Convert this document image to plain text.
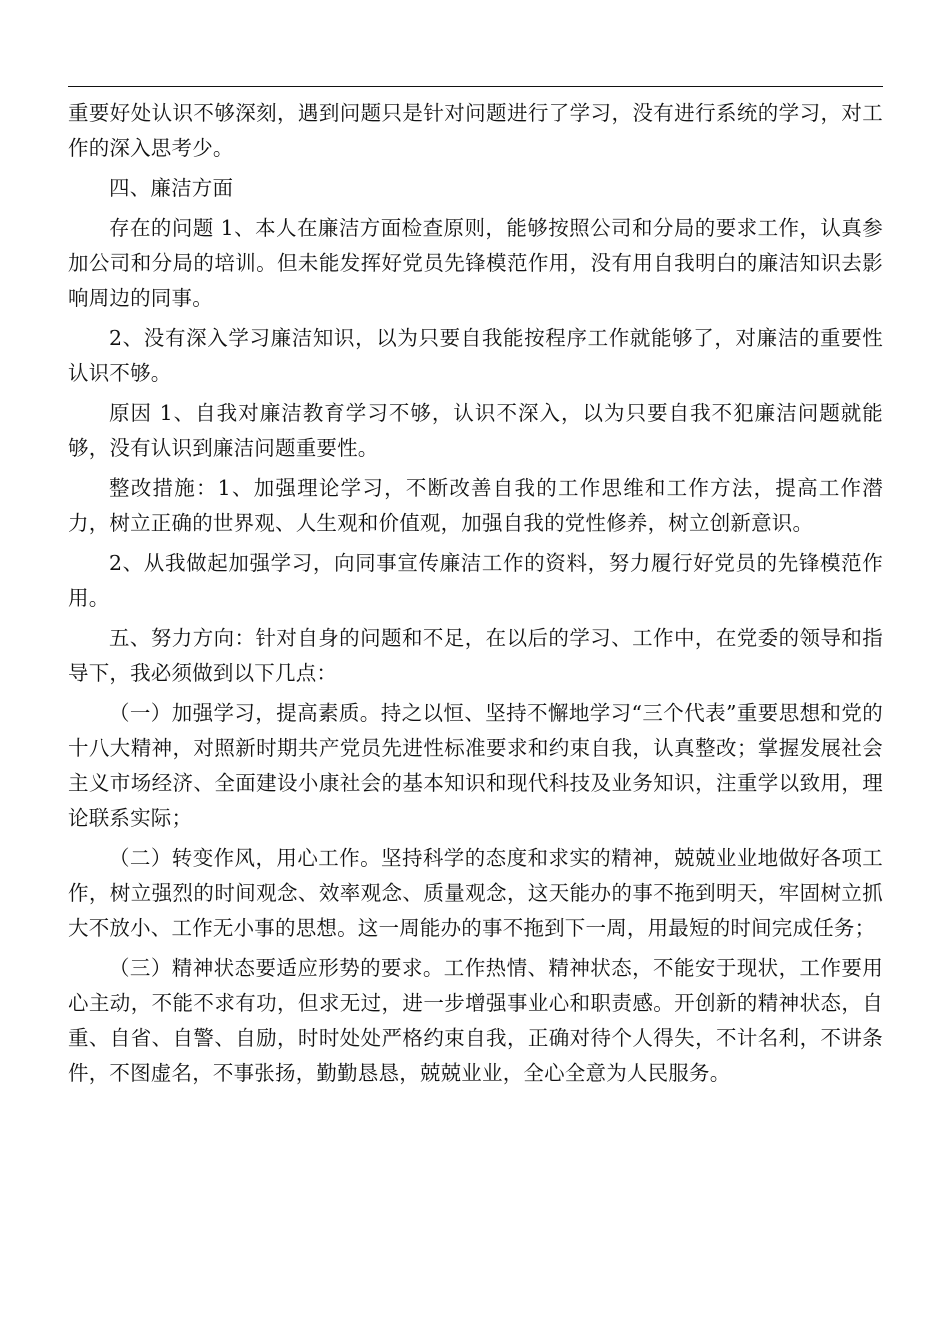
重要好处认识不够深刻，遇到问题只是针对问题进行了学习，没有进行系统的学习，对工作的深入思考少。

四、廉洁方面

存在的问题 1、本人在廉洁方面检查原则，能够按照公司和分局的要求工作，认真参加公司和分局的培训。但未能发挥好党员先锋模范作用，没有用自我明白的廉洁知识去影响周边的同事。

2、没有深入学习廉洁知识，以为只要自我能按程序工作就能够了，对廉洁的重要性认识不够。

原因 1、自我对廉洁教育学习不够，认识不深入，以为只要自我不犯廉洁问题就能够，没有认识到廉洁问题重要性。

整改措施：1、加强理论学习，不断改善自我的工作思维和工作方法，提高工作潜力，树立正确的世界观、人生观和价值观，加强自我的党性修养，树立创新意识。

2、从我做起加强学习，向同事宣传廉洁工作的资料，努力履行好党员的先锋模范作用。

五、努力方向：针对自身的问题和不足，在以后的学习、工作中，在党委的领导和指导下，我必须做到以下几点：

（一）加强学习，提高素质。持之以恒、坚持不懈地学习“三个代表”重要思想和党的十八大精神，对照新时期共产党员先进性标准要求和约束自我，认真整改；掌握发展社会主义市场经济、全面建设小康社会的基本知识和现代科技及业务知识，注重学以致用，理论联系实际；

（二）转变作风，用心工作。坚持科学的态度和求实的精神，兢兢业业地做好各项工作，树立强烈的时间观念、效率观念、质量观念，这天能办的事不拖到明天，牢固树立抓大不放小、工作无小事的思想。这一周能办的事不拖到下一周，用最短的时间完成任务；

（三）精神状态要适应形势的要求。工作热情、精神状态，不能安于现状，工作要用心主动，不能不求有功，但求无过，进一步增强事业心和职责感。开创新的精神状态，自重、自省、自警、自励，时时处处严格约束自我，正确对待个人得失，不计名利，不讲条件，不图虚名，不事张扬，勤勤恳恳，兢兢业业，全心全意为人民服务。
